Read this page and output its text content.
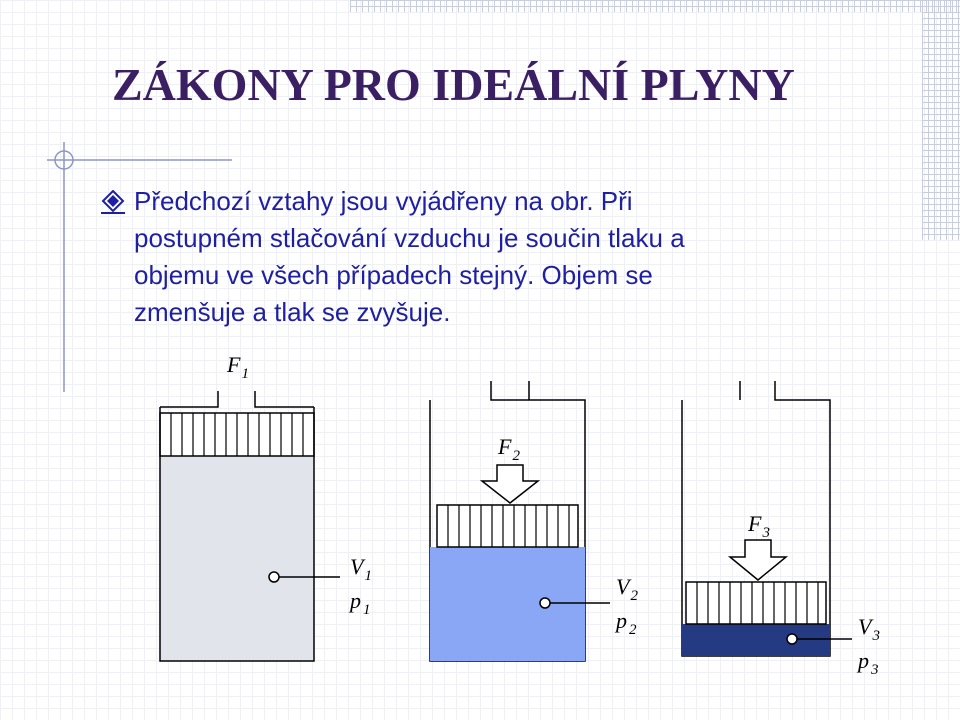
$F_1$
$V_1$
p $_1$
$F_2$
$V_2$
p $_2$
$F_3$
$V_3$
p $_3$
ZÁKONY PRO IDEÁLNÍ PLYNY

Předchozí vztahy jsou vyjádřeny na obr. Při
postupném stlačování vzduchu je součin tlaku a
objemu ve všech případech stejný. Objem se
zmenšuje a tlak se zvyšuje.
